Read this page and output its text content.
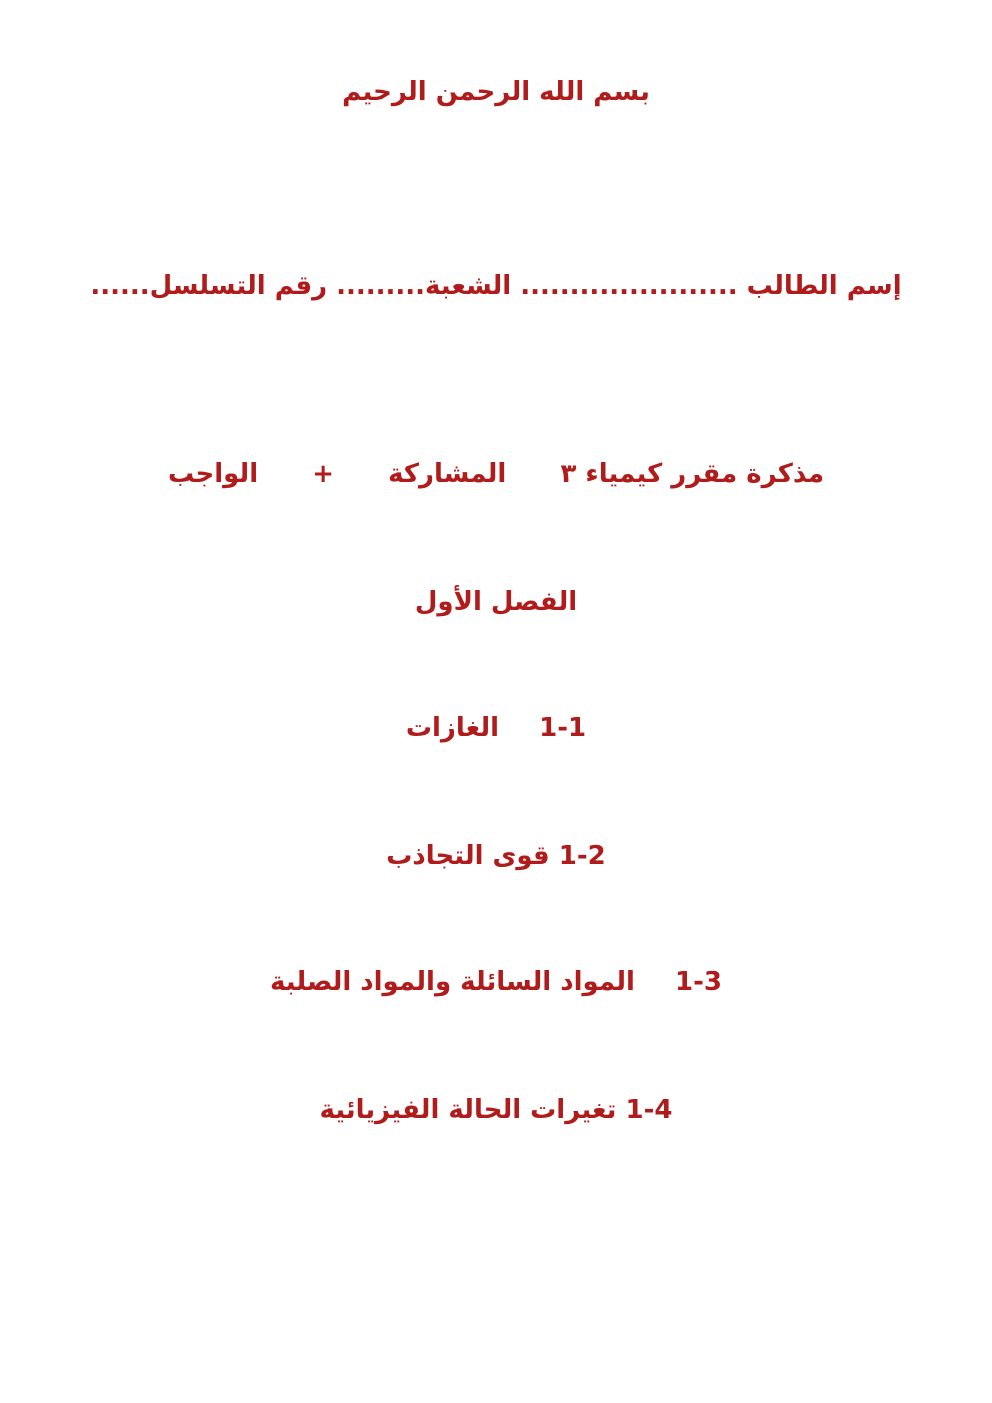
بسم الله الرحمن الرحيم
إسم الطالب ...................... الشعبة......... رقم التسلسل......
مذكرة مقرر كيمياء ٣  المشاركة  +  الواجب
الفصل الأول
1-1  الغازات
1-2 قوى التجاذب
1-3  المواد السائلة والمواد الصلبة
1-4 تغيرات الحالة الفيزيائية
